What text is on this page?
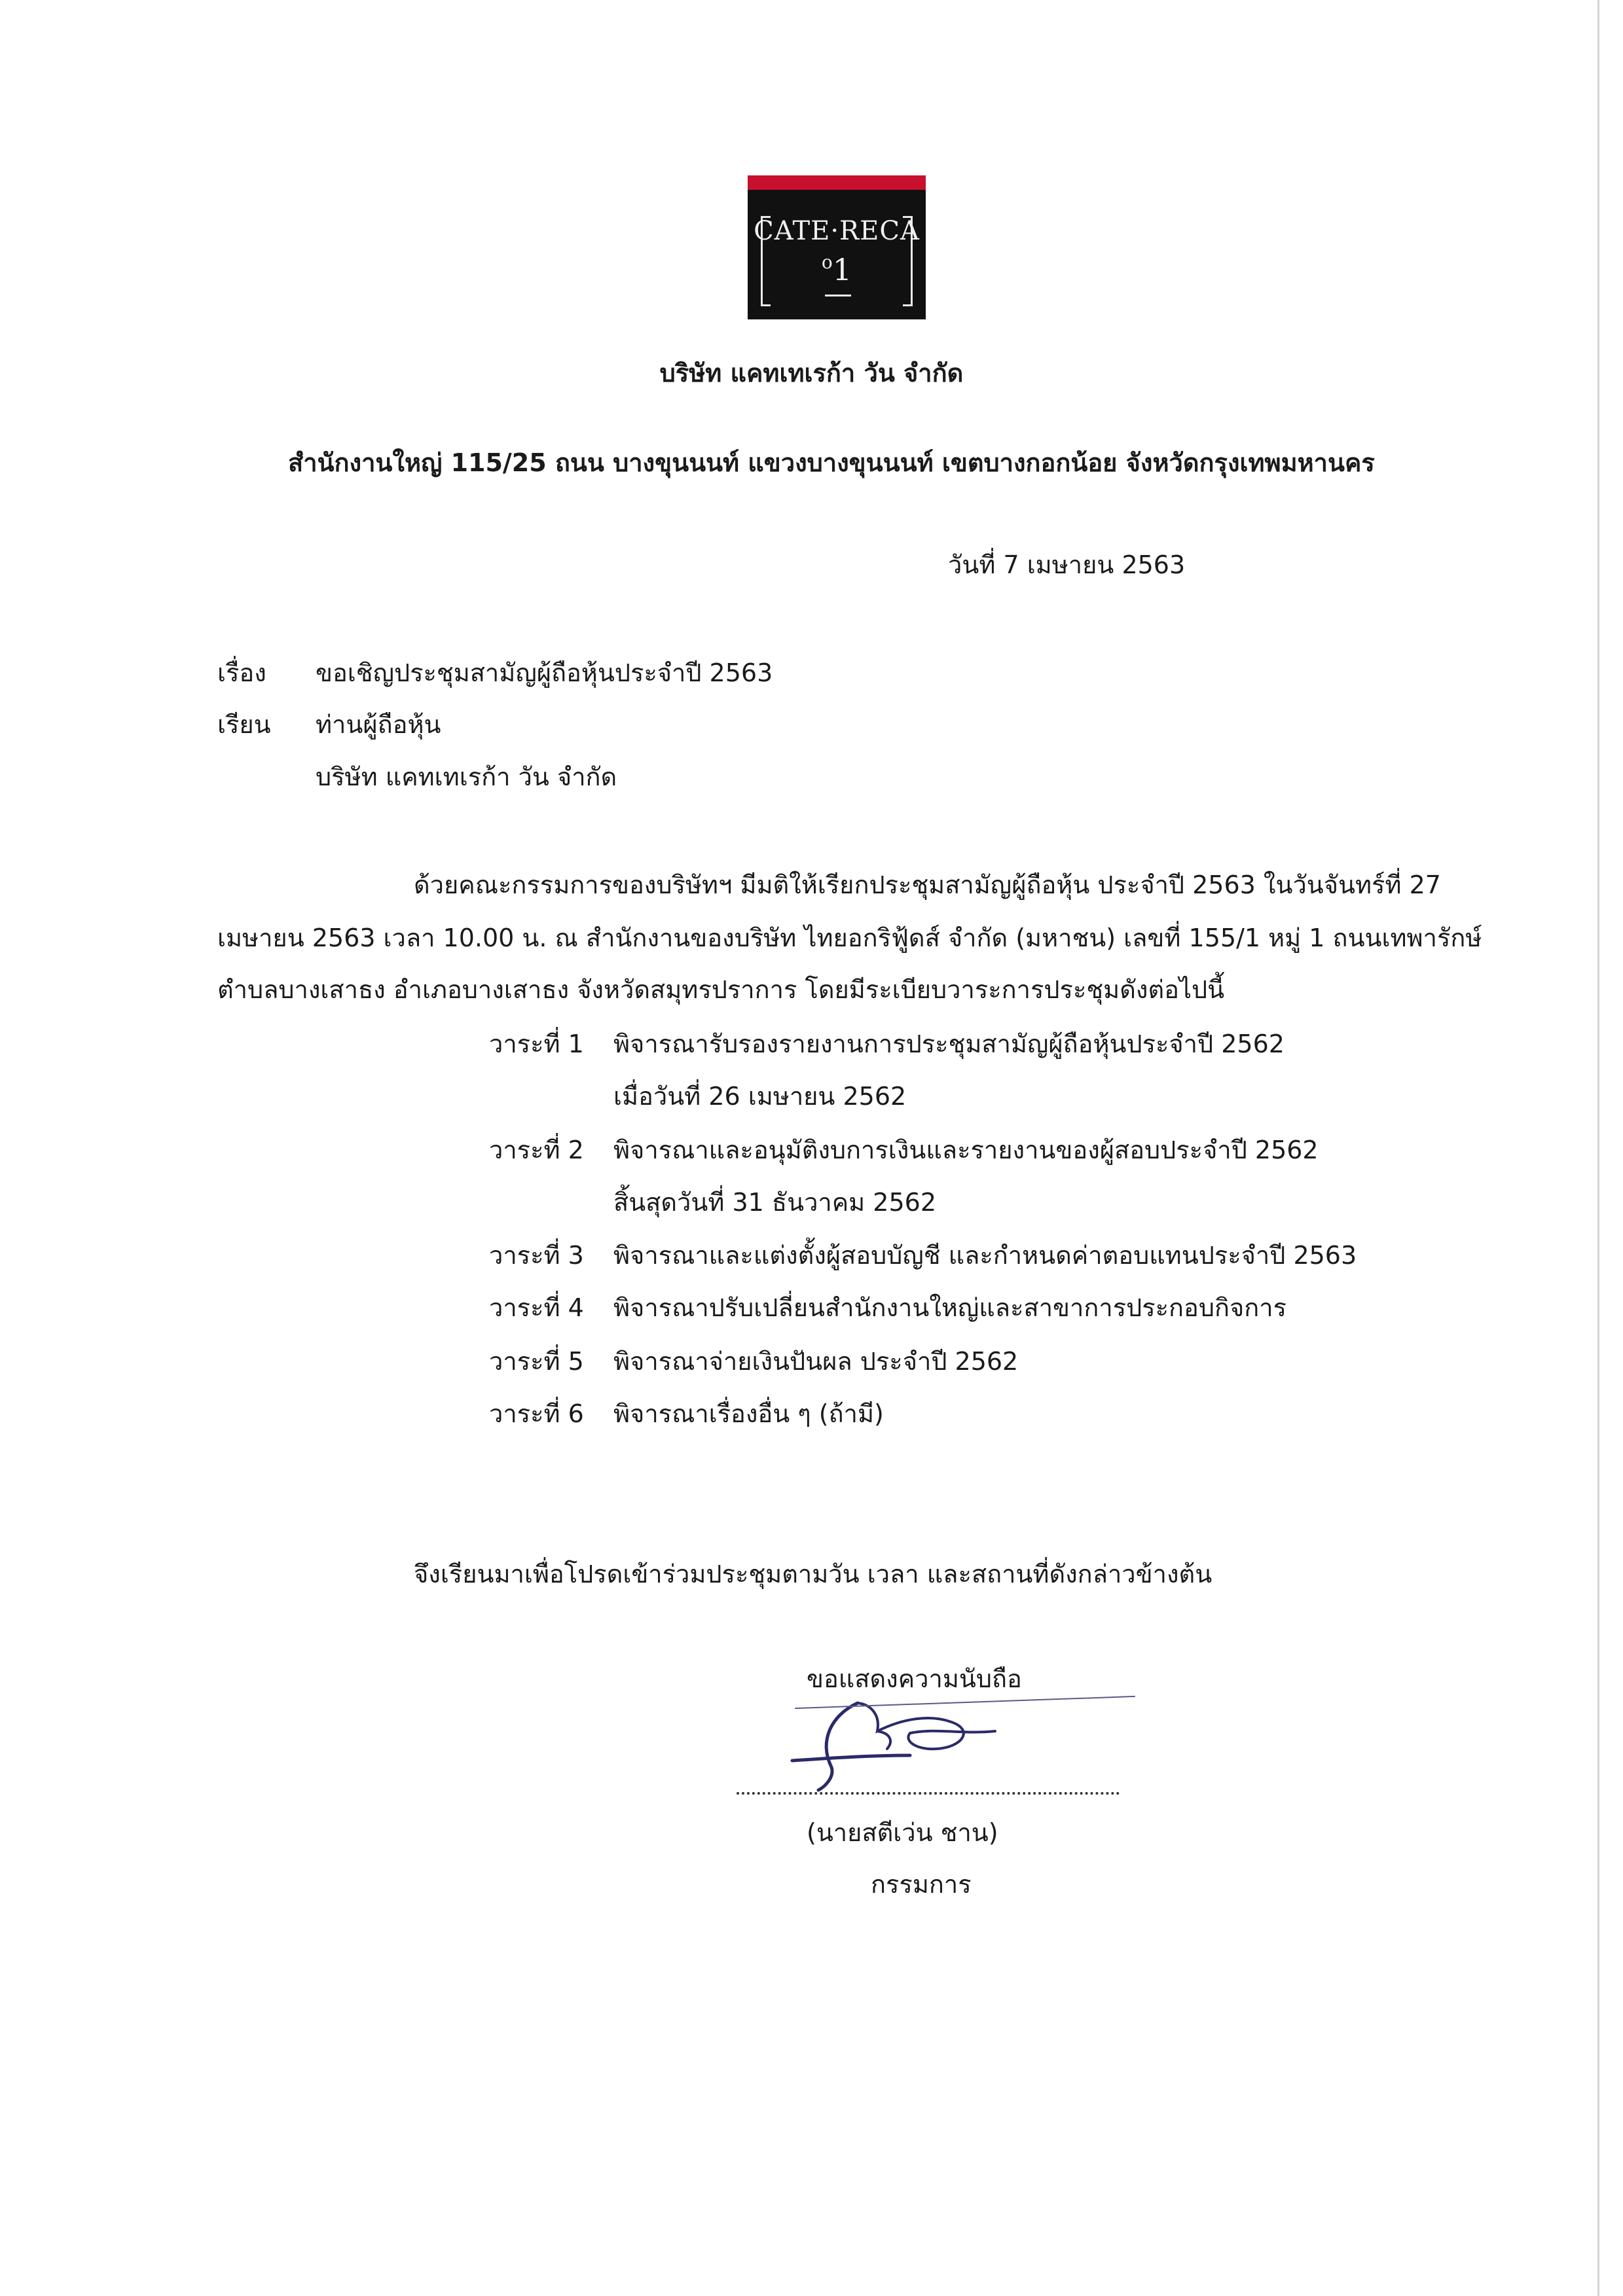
CATE·RECA
$^o$1
บริษัท แคทเทเรก้า วัน จำกัด
สำนักงานใหญ่ 115/25 ถนน บางขุนนนท์ แขวงบางขุนนนท์ เขตบางกอกน้อย จังหวัดกรุงเทพมหานคร
วันที่ 7 เมษายน 2563
เรื่อง ขอเชิญประชุมสามัญผู้ถือหุ้นประจำปี 2563
เรียน ท่านผู้ถือหุ้น
บริษัท แคทเทเรก้า วัน จำกัด
ด้วยคณะกรรมการของบริษัทฯ มีมติให้เรียกประชุมสามัญผู้ถือหุ้น ประจำปี 2563 ในวันจันทร์ที่ 27
เมษายน 2563 เวลา 10.00 น. ณ สำนักงานของบริษัท ไทยอกริฟู้ดส์ จำกัด (มหาชน) เลขที่ 155/1 หมู่ 1 ถนนเทพารักษ์
ตำบลบางเสาธง อำเภอบางเสาธง จังหวัดสมุทรปราการ โดยมีระเบียบวาระการประชุมดังต่อไปนี้
วาระที่ 1 พิจารณารับรองรายงานการประชุมสามัญผู้ถือหุ้นประจำปี 2562
เมื่อวันที่ 26 เมษายน 2562
วาระที่ 2 พิจารณาและอนุมัติงบการเงินและรายงานของผู้สอบประจำปี 2562
สิ้นสุดวันที่ 31 ธันวาคม 2562
วาระที่ 3 พิจารณาและแต่งตั้งผู้สอบบัญชี และกำหนดค่าตอบแทนประจำปี 2563
วาระที่ 4 พิจารณาปรับเปลี่ยนสำนักงานใหญ่และสาขาการประกอบกิจการ
วาระที่ 5 พิจารณาจ่ายเงินปันผล ประจำปี 2562
วาระที่ 6 พิจารณาเรื่องอื่น ๆ (ถ้ามี)
จึงเรียนมาเพื่อโปรดเข้าร่วมประชุมตามวัน เวลา และสถานที่ดังกล่าวข้างต้น
ขอแสดงความนับถือ
(นายสตีเว่น ชาน)
กรรมการ
